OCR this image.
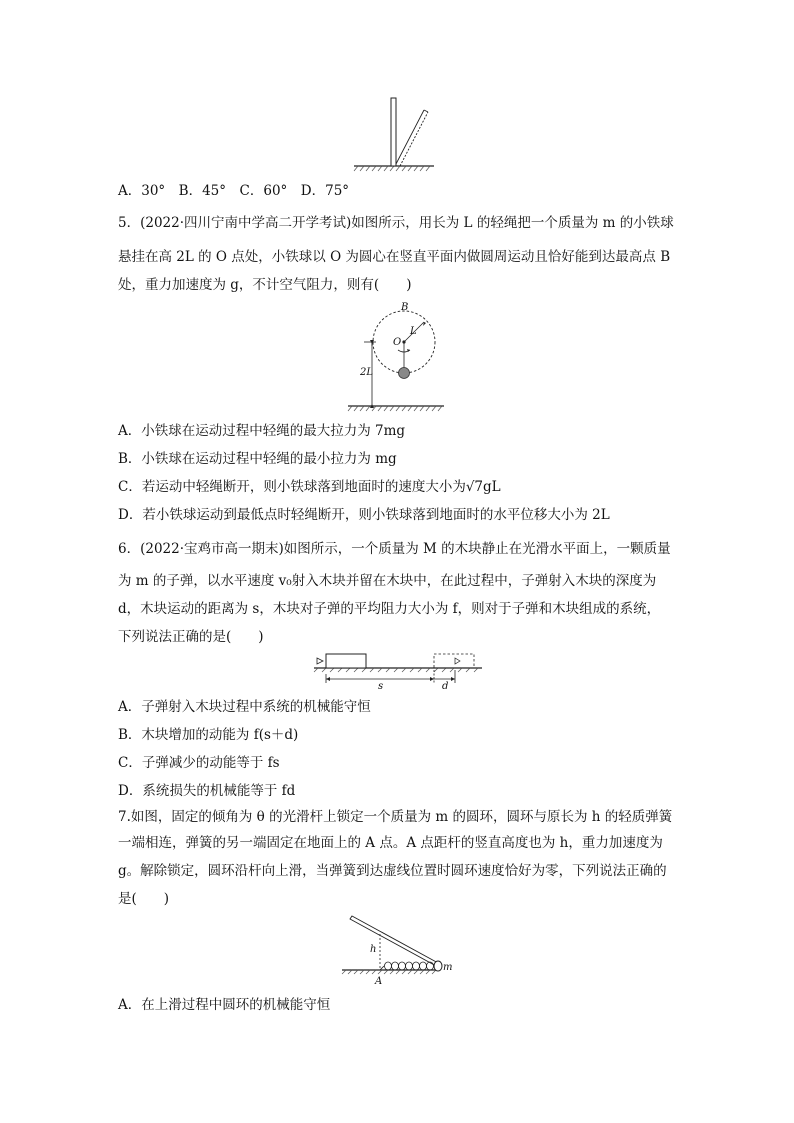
A．30°　B．45°　C．60°　D．75°
5．(2022·四川宁南中学高二开学考试)如图所示，用长为 L 的轻绳把一个质量为 m 的小铁球
悬挂在高 2L 的 O 点处，小铁球以 O 为圆心在竖直平面内做圆周运动且恰好能到达最高点 B
处，重力加速度为 g，不计空气阻力，则有(　　)
2L
B
L
O
A．小铁球在运动过程中轻绳的最大拉力为 7mg
B．小铁球在运动过程中轻绳的最小拉力为 mg
C．若运动中轻绳断开，则小铁球落到地面时的速度大小为√7gL
D．若小铁球运动到最低点时轻绳断开，则小铁球落到地面时的水平位移大小为 2L
6．(2022·宝鸡市高一期末)如图所示，一个质量为 M 的木块静止在光滑水平面上，一颗质量
为 m 的子弹，以水平速度 v₀射入木块并留在木块中，在此过程中，子弹射入木块的深度为
d，木块运动的距离为 s，木块对子弹的平均阻力大小为 f，则对于子弹和木块组成的系统，
下列说法正确的是(　　)
s	d
A．子弹射入木块过程中系统的机械能守恒
B．木块增加的动能为 f(s＋d)
C．子弹减少的动能等于 fs
D．系统损失的机械能等于 fd
7.如图，固定的倾角为 θ 的光滑杆上锁定一个质量为 m 的圆环，圆环与原长为 h 的轻质弹簧
一端相连，弹簧的另一端固定在地面上的 A 点。A 点距杆的竖直高度也为 h，重力加速度为
g。解除锁定，圆环沿杆向上滑，当弹簧到达虚线位置时圆环速度恰好为零，下列说法正确的
是(　　)
h
m
A
A．在上滑过程中圆环的机械能守恒
